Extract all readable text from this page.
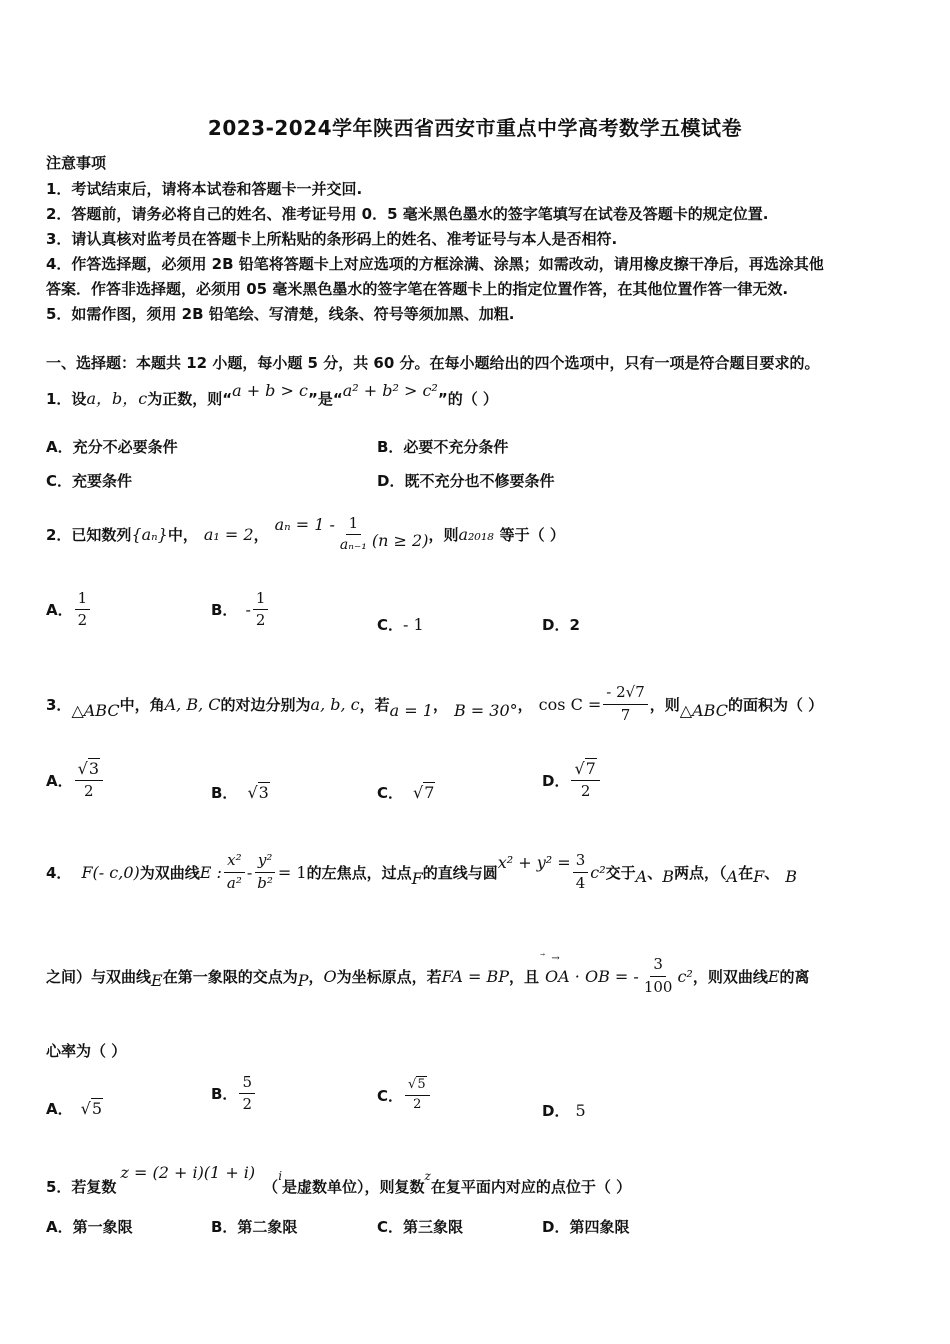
2023-2024学年陕西省西安市重点中学高考数学五模试卷
注意事项
1．考试结束后，请将本试卷和答题卡一并交回.
2．答题前，请务必将自己的姓名、准考证号用 0．5 毫米黑色墨水的签字笔填写在试卷及答题卡的规定位置.
3．请认真核对监考员在答题卡上所粘贴的条形码上的姓名、准考证号与本人是否相符.
4．作答选择题，必须用 2B 铅笔将答题卡上对应选项的方框涂满、涂黑；如需改动，请用橡皮擦干净后，再选涂其他
答案．作答非选择题，必须用 05 毫米黑色墨水的签字笔在答题卡上的指定位置作答，在其他位置作答一律无效.
5．如需作图，须用 2B 铅笔绘、写清楚，线条、符号等须加黑、加粗.
一、选择题：本题共 12 小题，每小题 5 分，共 60 分。在每小题给出的四个选项中，只有一项是符合题目要求的。
1．设a，b，c为正数，则“a + b > c”是“a² + b² > c²”的（ ）
A．充分不必要条件	B．必要不充分条件
C．充要条件	D．既不充分也不修要条件
2．已知数列 {aₙ} 中， a₁ = 2 ，
$a_n = 1 - \frac{1}{\text{aₙ₋₁}} (n \ge 2)$ ，则 a₂₀₁₈ 等于（ ）
A． $\frac{1}{2}$	B． - $\frac{1}{2}$	C．- 1	D．2
3． △ABC 中，角 A, B, C 的对边分别为 a, b, c ，若 a = 1 ， B = 30° ， $\cos C = \frac{- 2√7}{7}$ ，则 △ABC 的面积为（ ）
A． $\frac{√3}{2}$	B． √3	C． √7
D． $\frac{√7}{2}$
4． F(- c,0) 为双曲线 E : $\frac{\text{x²}}{\text{a²}} - \frac{\text{y²}}{\text{b²}} = 1$ 的左焦点，过点 F 的直线与圆
$x^2 + y^2 = \frac{3}{4} c^2$ 交于 A 、 B 两点，（ A 在 F 、 B
之间）与双曲线 E 在第一象限的交点为 P ， O 为坐标原点，若 FA = BP ，且
⃗  →
OA · OB = - $\frac{3}{100} c^2$ ，则双曲线 E 的离
心率为（ ）
A． √5
B． $\frac{5}{2}$	C． $\frac{√5}{2}$	D． 5
5．若复数
z = (2 + i)(1 + i)
（
i
是虚数单位），则复数
z
在复平面内对应的点位于（ ）
A．第一象限	B．第二象限	C．第三象限	D．第四象限
